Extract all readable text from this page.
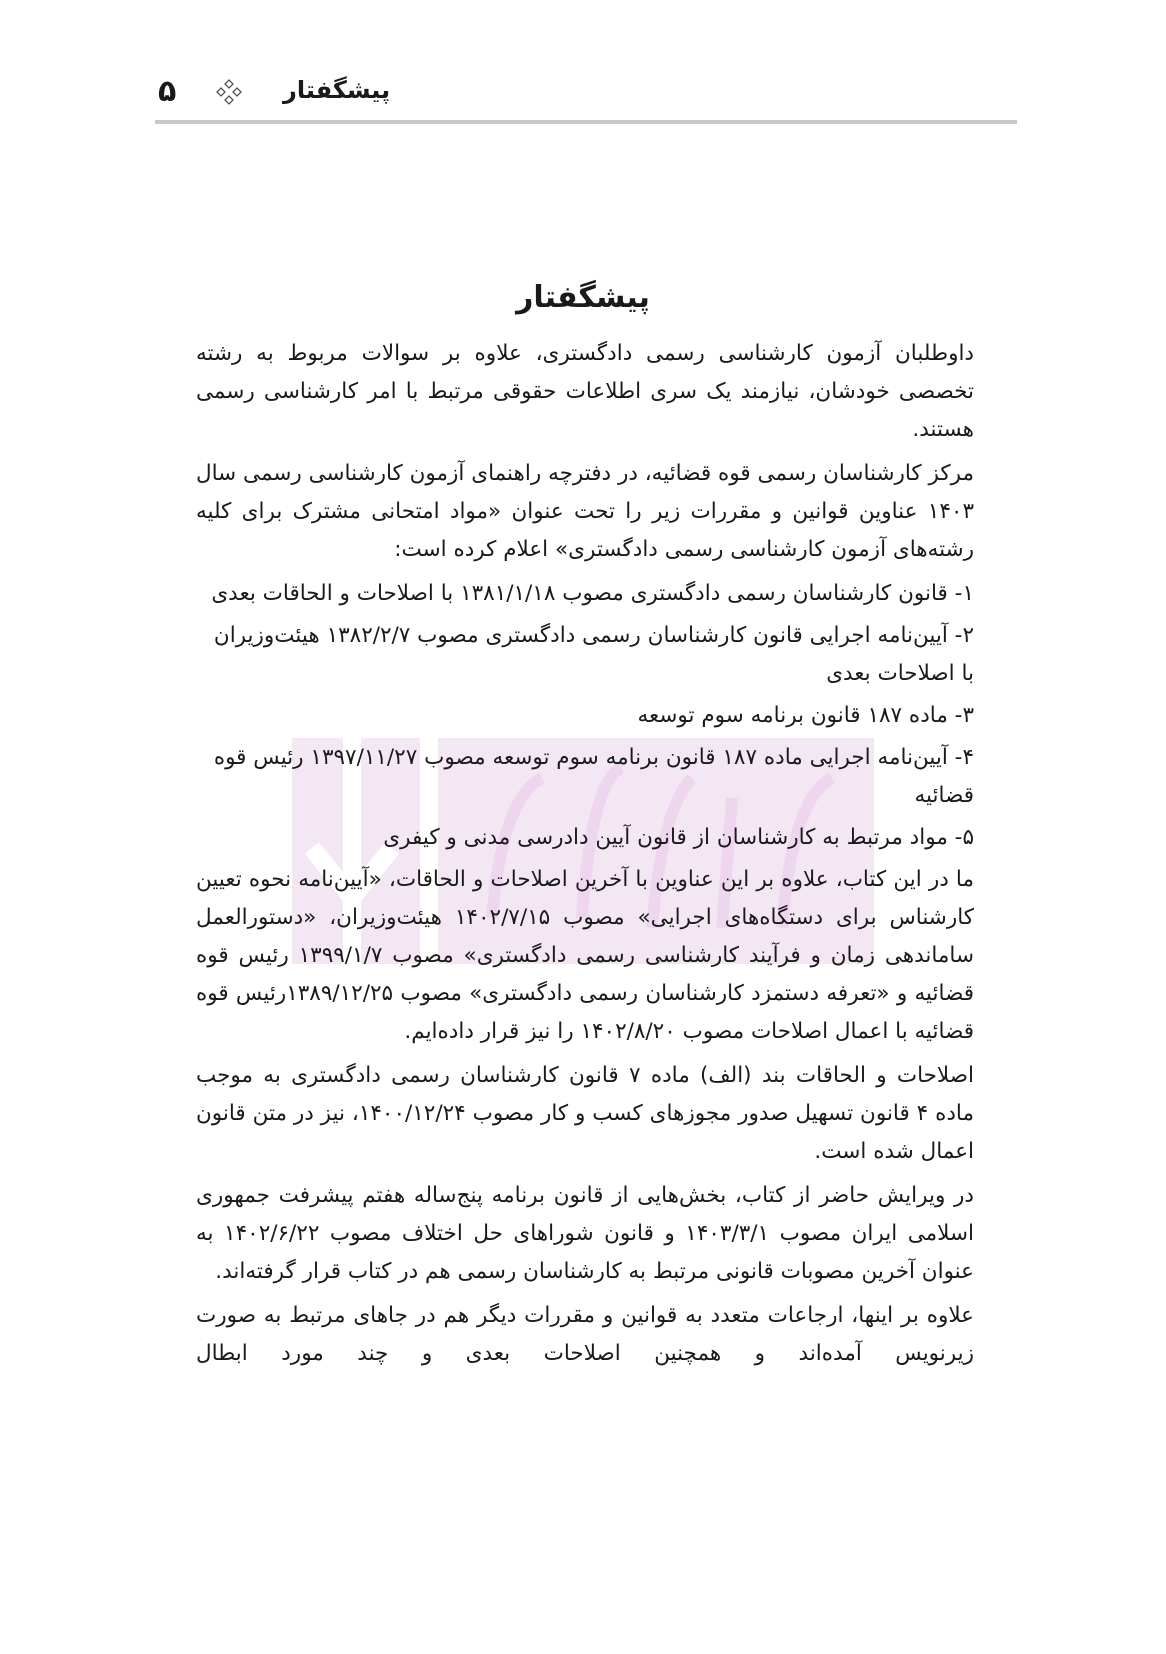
۵	پیشگفتار
پیشگفتار

داوطلبان آزمون کارشناسی رسمی دادگستری، علاوه بر سوالات مربوط به رشته تخصصی خودشان، نیازمند یک سری اطلاعات حقوقی مرتبط با امر کارشناسی رسمی هستند.

مرکز کارشناسان رسمی قوه قضائیه، در دفترچه راهنمای آزمون کارشناسی رسمی سال ۱۴۰۳ عناوین قوانین و مقررات زیر را تحت عنوان «مواد امتحانی مشترک برای کلیه رشته‌های آزمون کارشناسی رسمی دادگستری» اعلام کرده است:

۱- قانون کارشناسان رسمی دادگستری مصوب ۱۳۸۱/۱/۱۸ با اصلاحات و الحاقات بعدی

۲- آیین‌نامه اجرایی قانون کارشناسان رسمی دادگستری مصوب ۱۳۸۲/۲/۷ هیئت‌وزیران با اصلاحات بعدی

۳- ماده ۱۸۷ قانون برنامه سوم توسعه

۴- آیین‌نامه اجرایی ماده ۱۸۷ قانون برنامه سوم توسعه مصوب ۱۳۹۷/۱۱/۲۷ رئیس قوه قضائیه

۵- مواد مرتبط به کارشناسان از قانون آیین دادرسی مدنی و کیفری

ما در این کتاب، علاوه بر این عناوین با آخرین اصلاحات و الحاقات، «آیین‌نامه نحوه تعیین کارشناس برای دستگاه‌های اجرایی» مصوب ۱۴۰۲/۷/۱۵ هیئت‌وزیران، «دستورالعمل ساماندهی زمان و فرآیند کارشناسی رسمی دادگستری» مصوب ۱۳۹۹/۱/۷ رئیس قوه قضائیه و «تعرفه دستمزد کارشناسان رسمی دادگستری» مصوب ۱۳۸۹/۱۲/۲۵رئیس قوه قضائیه با اعمال اصلاحات مصوب ۱۴۰۲/۸/۲۰ را نیز قرار داده‌ایم.

اصلاحات و الحاقات بند (الف) ماده ۷ قانون کارشناسان رسمی دادگستری به موجب ماده ۴ قانون تسهیل صدور مجوزهای کسب و کار مصوب ۱۴۰۰/۱۲/۲۴، نیز در متن قانون اعمال شده است.

در ویرایش حاضر از کتاب، بخش‌هایی از قانون برنامه پنج‌ساله هفتم پیشرفت جمهوری اسلامی ایران مصوب ۱۴۰۳/۳/۱ و قانون شوراهای حل اختلاف مصوب ۱۴۰۲/۶/۲۲ به عنوان آخرین مصوبات قانونی مرتبط به کارشناسان رسمی هم در کتاب قرار گرفته‌اند.

علاوه بر اینها، ارجاعات متعدد به قوانین و مقررات دیگر هم در جاهای مرتبط به صورت زیرنویس آمده‌اند و همچنین اصلاحات بعدی و چند مورد ابطال
